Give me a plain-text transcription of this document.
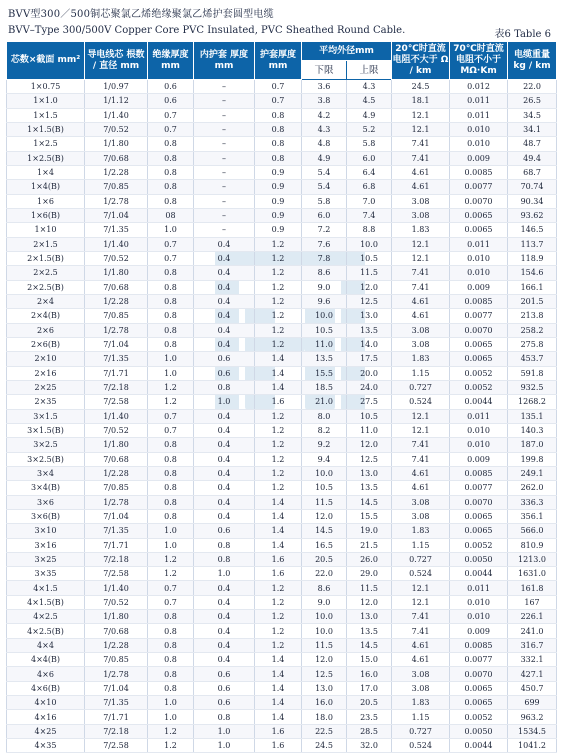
BVV型300／500铜芯聚氯乙烯绝缘聚氯乙烯护套圆型电缆
BVV–Type 300/500V Copper Core PVC Insulated, PVC Sheathed Round Cable.	表6 Table 6
芯数×截面 mm²	导电线芯 根数 / 直径 mm	绝缘厚度 mm	内护套 厚度mm	护套厚度 mm	平均外径mm		20℃时直流 电阻不大于 Ω / km	70℃时直流 电阻不小于 MΩ·Km	电缆重量 kg / km
					下限	上限			
1×0.75	1/0.97	0.6	–	0.7	3.6	4.3	24.5	0.012	22.0
1×1.0	1/1.12	0.6	–	0.7	3.8	4.5	18.1	0.011	26.5
1×1.5	1/1.40	0.7	–	0.8	4.2	4.9	12.1	0.011	34.5
1×1.5(B)	7/0.52	0.7	–	0.8	4.3	5.2	12.1	0.010	34.1
1×2.5	1/1.80	0.8	–	0.8	4.8	5.8	7.41	0.010	48.7
1×2.5(B)	7/0.68	0.8	–	0.8	4.9	6.0	7.41	0.009	49.4
1×4	1/2.28	0.8	–	0.9	5.4	6.4	4.61	0.0085	68.7
1×4(B)	7/0.85	0.8	–	0.9	5.4	6.8	4.61	0.0077	70.74
1×6	1/2.78	0.8	–	0.9	5.8	7.0	3.08	0.0070	90.34
1×6(B)	7/1.04	08	–	0.9	6.0	7.4	3.08	0.0065	93.62
1×10	7/1.35	1.0	–	0.9	7.2	8.8	1.83	0.0065	146.5
2×1.5	1/1.40	0.7	0.4	1.2	7.6	10.0	12.1	0.011	113.7
2×1.5(B)	7/0.52	0.7	0.4	1.2	7.8	10.5	12.1	0.010	118.9
2×2.5	1/1.80	0.8	0.4	1.2	8.6	11.5	7.41	0.010	154.6
2×2.5(B)	7/0.68	0.8	0.4	1.2	9.0	12.0	7.41	0.009	166.1
2×4	1/2.28	0.8	0.4	1.2	9.6	12.5	4.61	0.0085	201.5
2×4(B)	7/0.85	0.8	0.4	1.2	10.0	13.0	4.61	0.0077	213.8
2×6	1/2.78	0.8	0.4	1.2	10.5	13.5	3.08	0.0070	258.2
2×6(B)	7/1.04	0.8	0.4	1.2	11.0	14.0	3.08	0.0065	275.8
2×10	7/1.35	1.0	0.6	1.4	13.5	17.5	1.83	0.0065	453.7
2×16	7/1.71	1.0	0.6	1.4	15.5	20.0	1.15	0.0052	591.8
2×25	7/2.18	1.2	0.8	1.4	18.5	24.0	0.727	0.0052	932.5
2×35	7/2.58	1.2	1.0	1.6	21.0	27.5	0.524	0.0044	1268.2
3×1.5	1/1.40	0.7	0.4	1.2	8.0	10.5	12.1	0.011	135.1
3×1.5(B)	7/0.52	0.7	0.4	1.2	8.2	11.0	12.1	0.010	140.3
3×2.5	1/1.80	0.8	0.4	1.2	9.2	12.0	7.41	0.010	187.0
3×2.5(B)	7/0.68	0.8	0.4	1.2	9.4	12.5	7.41	0.009	199.8
3×4	1/2.28	0.8	0.4	1.2	10.0	13.0	4.61	0.0085	249.1
3×4(B)	7/0.85	0.8	0.4	1.2	10.5	13.5	4.61	0.0077	262.0
3×6	1/2.78	0.8	0.4	1.4	11.5	14.5	3.08	0.0070	336.3
3×6(B)	7/1.04	0.8	0.4	1.4	12.0	15.5	3.08	0.0065	356.1
3×10	7/1.35	1.0	0.6	1.4	14.5	19.0	1.83	0.0065	566.0
3×16	7/1.71	1.0	0.8	1.4	16.5	21.5	1.15	0.0052	810.9
3×25	7/2.18	1.2	0.8	1.6	20.5	26.0	0.727	0.0050	1213.0
3×35	7/2.58	1.2	1.0	1.6	22.0	29.0	0.524	0.0044	1631.0
4×1.5	1/1.40	0.7	0.4	1.2	8.6	11.5	12.1	0.011	161.8
4×1.5(B)	7/0.52	0.7	0.4	1.2	9.0	12.0	12.1	0.010	167
4×2.5	1/1.80	0.8	0.4	1.2	10.0	13.0	7.41	0.010	226.1
4×2.5(B)	7/0.68	0.8	0.4	1.2	10.0	13.5	7.41	0.009	241.0
4×4	1/2.28	0.8	0.4	1.2	11.5	14.5	4.61	0.0085	316.7
4×4(B)	7/0.85	0.8	0.4	1.4	12.0	15.0	4.61	0.0077	332.1
4×6	1/2.78	0.8	0.6	1.4	12.5	16.0	3.08	0.0070	427.1
4×6(B)	7/1.04	0.8	0.6	1.4	13.0	17.0	3.08	0.0065	450.7
4×10	7/1.35	1.0	0.6	1.4	16.0	20.5	1.83	0.0065	699
4×16	7/1.71	1.0	0.8	1.4	18.0	23.5	1.15	0.0052	963.2
4×25	7/2.18	1.2	1.0	1.6	22.5	28.5	0.727	0.0050	1534.5
4×35	7/2.58	1.2	1.0	1.6	24.5	32.0	0.524	0.0044	1041.2
